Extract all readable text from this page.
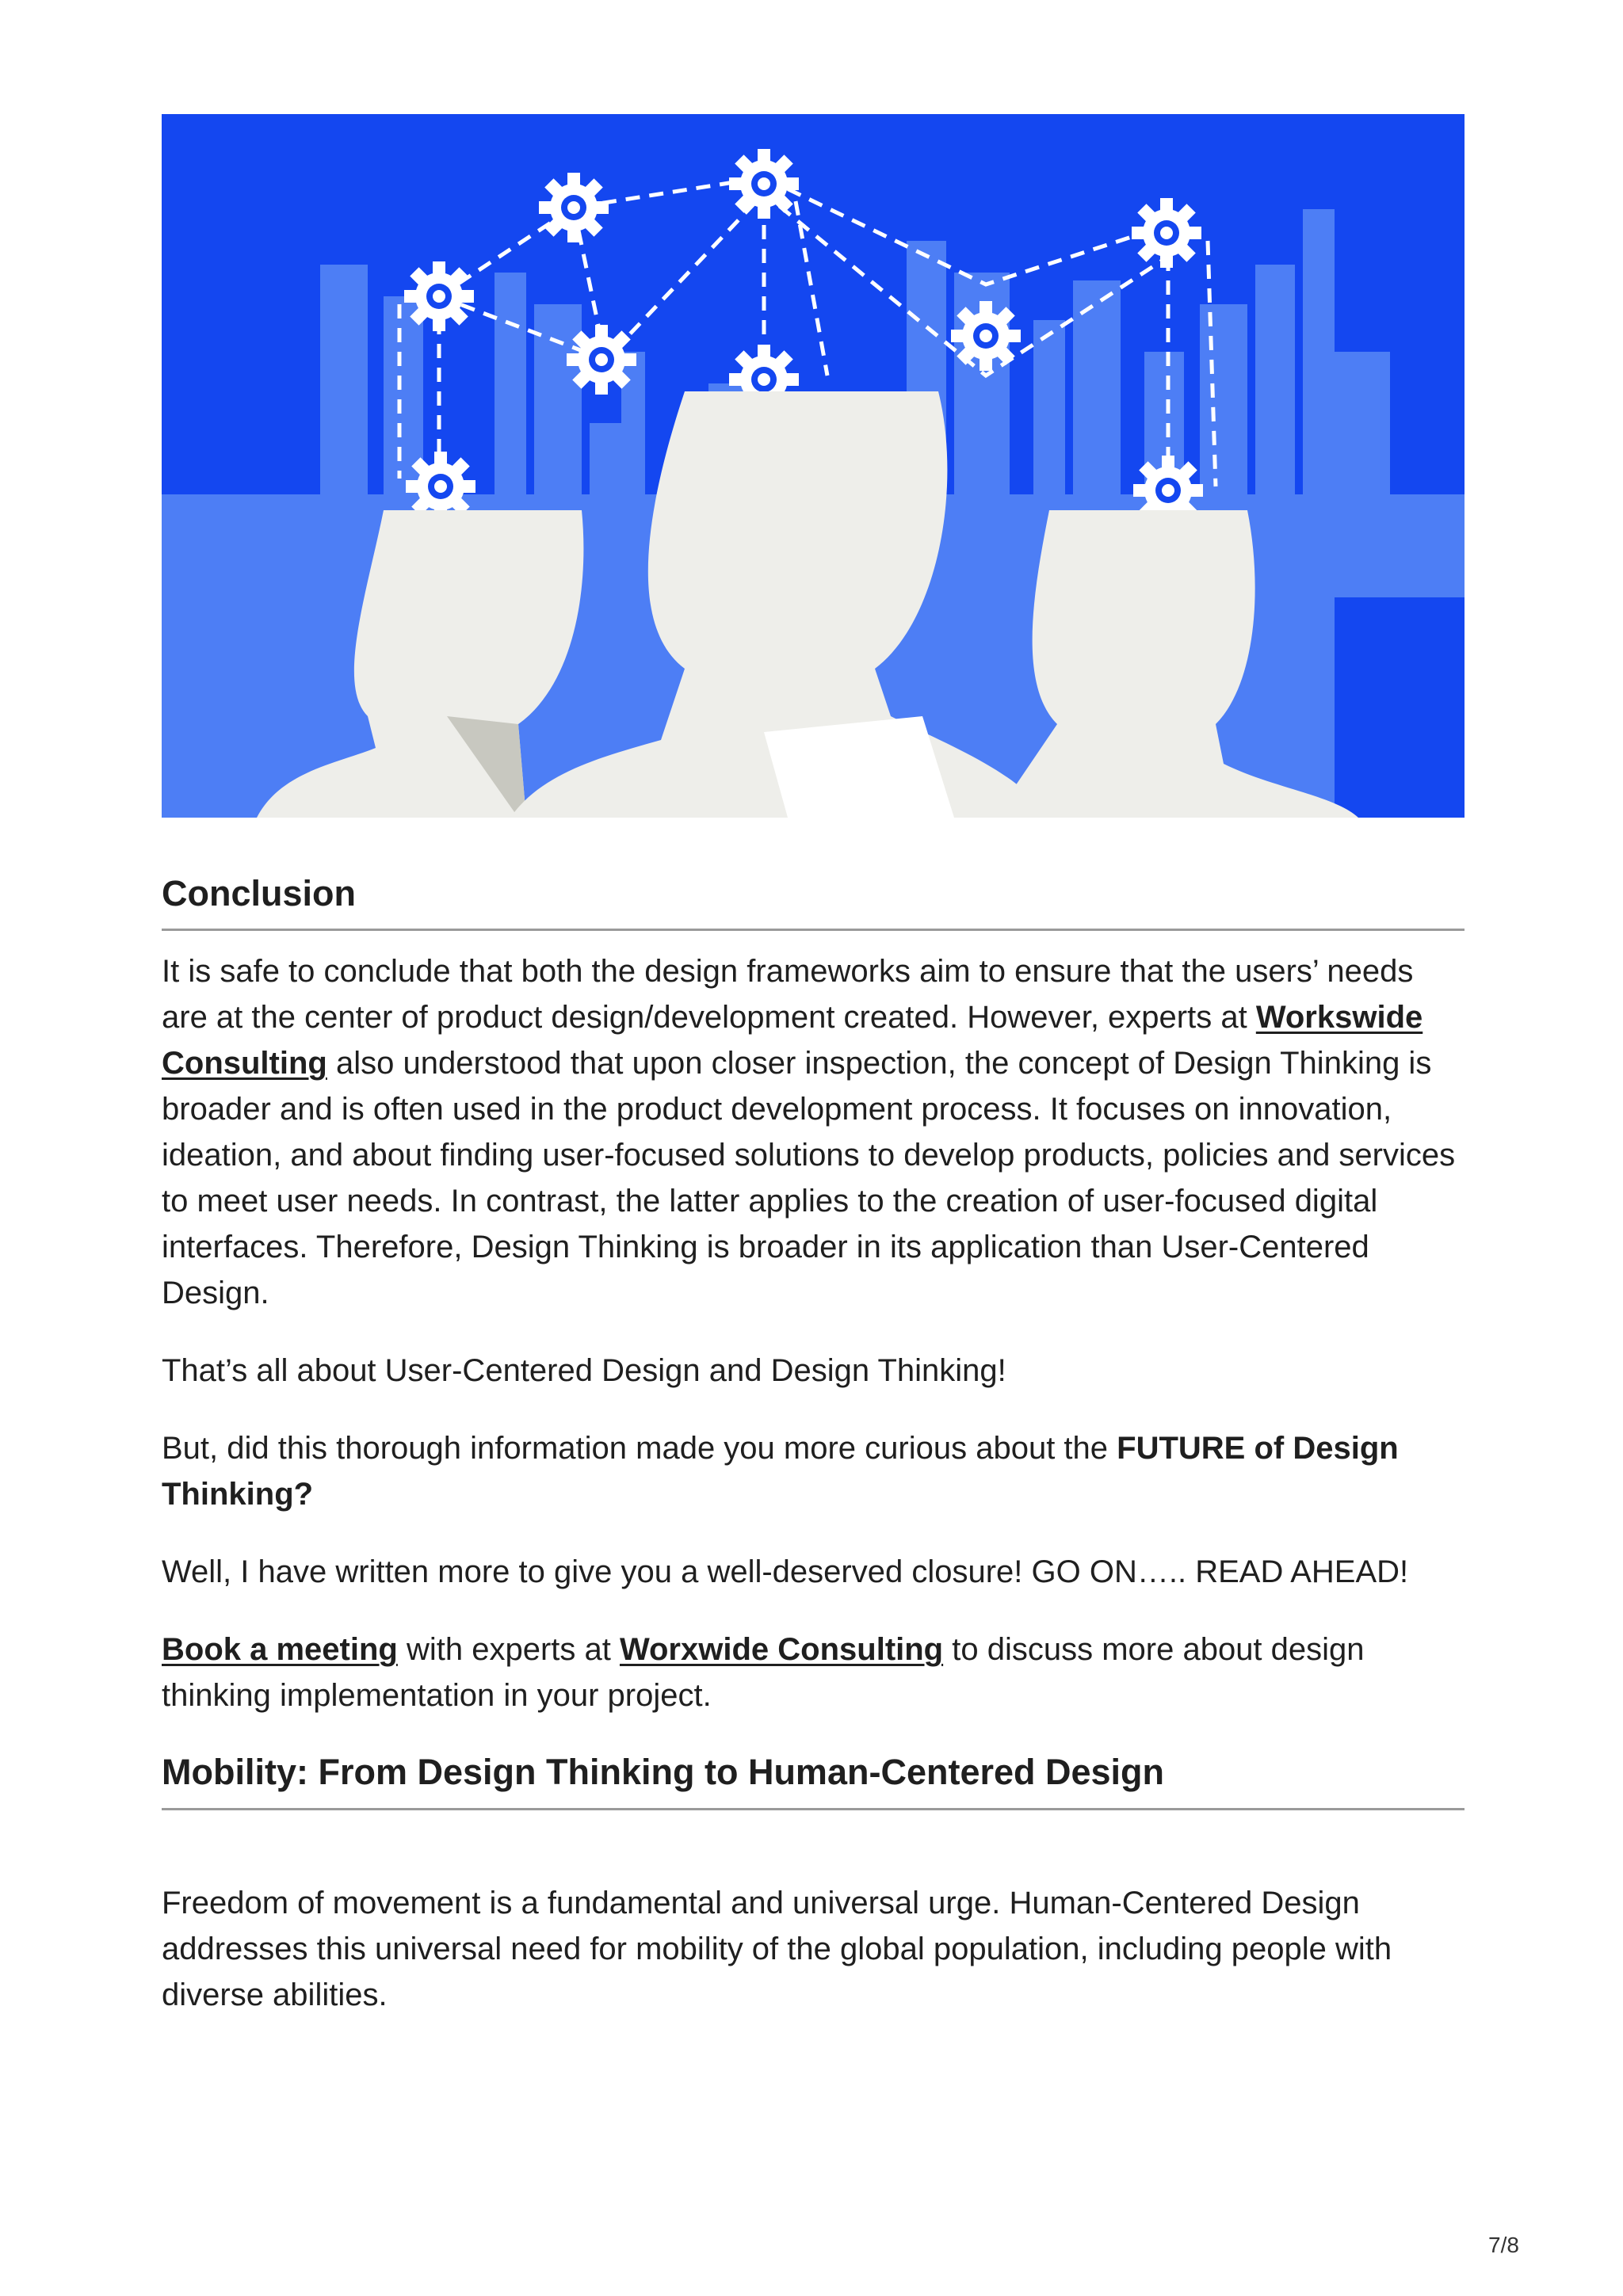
Conclusion

It is safe to conclude that both the design frameworks aim to ensure that the users’ needs are at the center of product design/development created. However, experts at Workswide Consulting also understood that upon closer inspection, the concept of Design Thinking is broader and is often used in the product development process. It focuses on innovation, ideation, and about finding user-focused solutions to develop products, policies and services to meet user needs. In contrast, the latter applies to the creation of user-focused digital interfaces. Therefore, Design Thinking is broader in its application than User-Centered Design.

That’s all about User-Centered Design and Design Thinking!

But, did this thorough information made you more curious about the FUTURE of Design Thinking?

Well, I have written more to give you a well-deserved closure! GO ON….. READ AHEAD!

Book a meeting with experts at Worxwide Consulting to discuss more about design thinking implementation in your project.

Mobility: From Design Thinking to Human-Centered Design

Freedom of movement is a fundamental and universal urge. Human-Centered Design addresses this universal need for mobility of the global population, including people with diverse abilities.

7/8
